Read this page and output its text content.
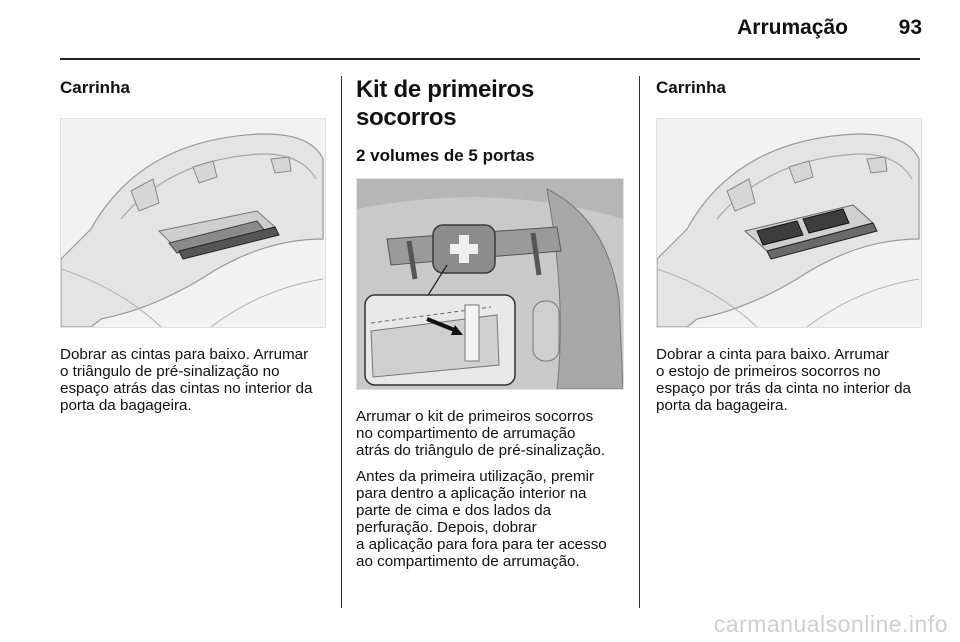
Arrumação	93
Carrinha

Dobrar as cintas para baixo. Arrumar
o triângulo de pré-sinalização no
espaço atrás das cintas no interior da
porta da bagageira.

Kit de primeiros socorros
2 volumes de 5 portas

Arrumar o kit de primeiros socorros
no compartimento de arrumação
atrás do triângulo de pré-sinalização.

Antes da primeira utilização, premir
para dentro a aplicação interior na
parte de cima e dos lados da
perfuração. Depois, dobrar
a aplicação para fora para ter acesso
ao compartimento de arrumação.

Carrinha

Dobrar a cinta para baixo. Arrumar
o estojo de primeiros socorros no
espaço por trás da cinta no interior da
porta da bagageira.

carmanualsonline.info
